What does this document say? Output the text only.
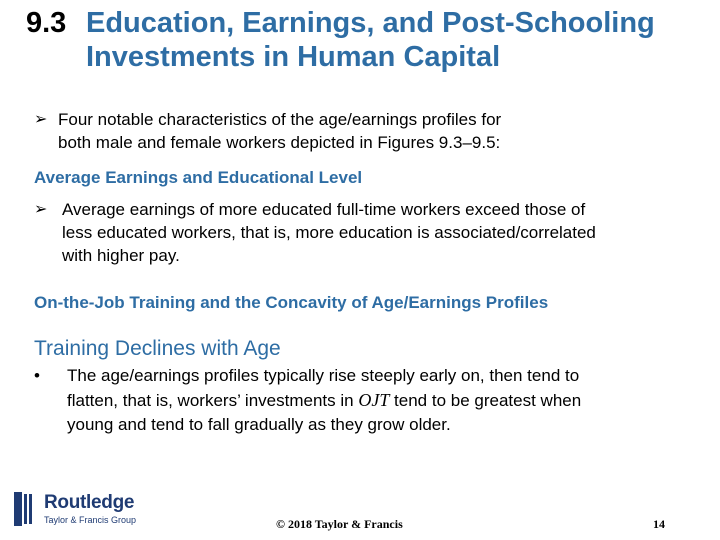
9.3 Education, Earnings, and Post-Schooling
Investments in Human Capital
➢ Four notable characteristics of the age/earnings profiles for
both male and female workers depicted in Figures 9.3–9.5:
Average Earnings and Educational Level
➢ Average earnings of more educated full-time workers exceed those of
less educated workers, that is, more education is associated/correlated
with higher pay.
On-the-Job Training and the Concavity of Age/Earnings Profiles
Training Declines with Age
• The age/earnings profiles typically rise steeply early on, then tend to
flatten, that is, workers’ investments in OJT tend to be greatest when
young and tend to fall gradually as they grow older.
Routledge
Taylor & Francis Group	© 2018 Taylor & Francis	14
